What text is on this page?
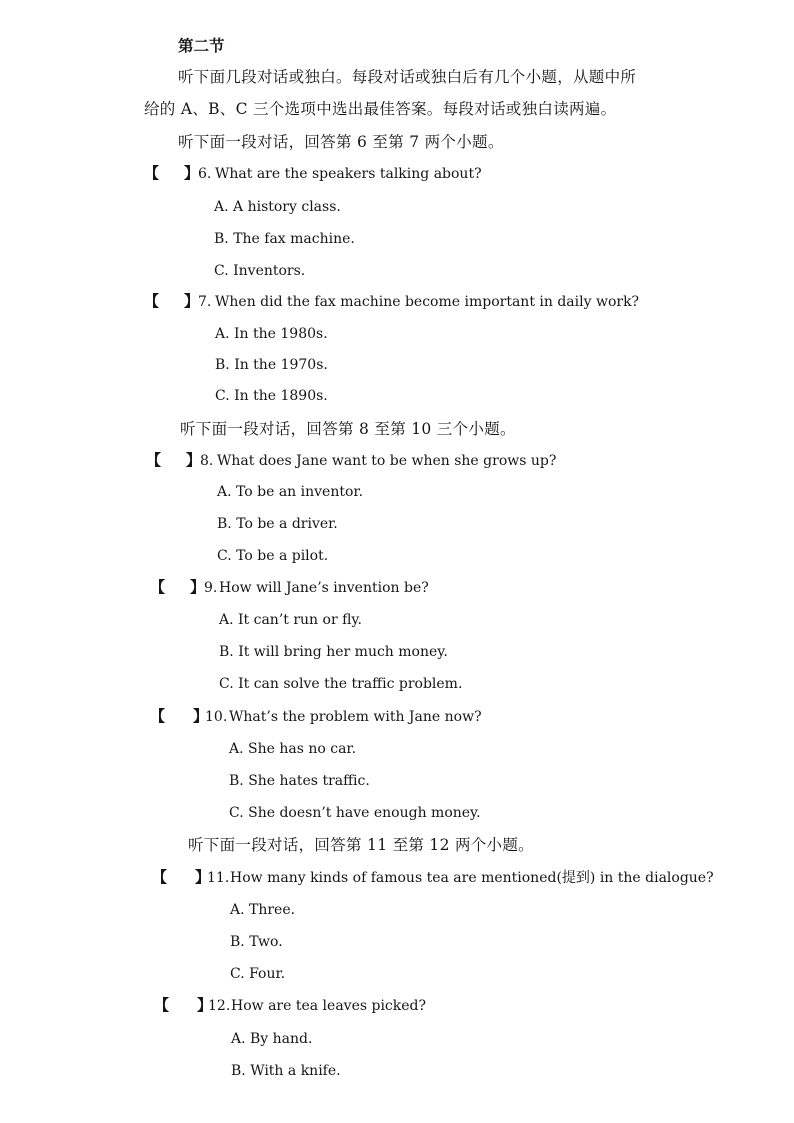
第二节
听下面几段对话或独白。每段对话或独白后有几个小题，从题中所
给的 A、B、C 三个选项中选出最佳答案。每段对话或独白读两遍。
听下面一段对话，回答第 6 至第 7 两个小题。
【 】
6. What are the speakers talking about?
A. A history class.
B. The fax machine.
C. Inventors.
【 】
7. When did the fax machine become important in daily work?
A. In the 1980s.
B. In the 1970s.
C. In the 1890s.
听下面一段对话，回答第 8 至第 10 三个小题。
【 】
8. What does Jane want to be when she grows up?
A. To be an inventor.
B. To be a driver.
C. To be a pilot.
【 】
9. How will Jane’s invention be?
A. It can’t run or fly.
B. It will bring her much money.
C. It can solve the traffic problem.
【 】
10. What’s the problem with Jane now?
A. She has no car.
B. She hates traffic.
C. She doesn’t have enough money.
听下面一段对话，回答第 11 至第 12 两个小题。
【 】
11. How many kinds of famous tea are mentioned(提到) in the dialogue?
A. Three.
B. Two.
C. Four.
【 】
12. How are tea leaves picked?
A. By hand.
B. With a knife.
